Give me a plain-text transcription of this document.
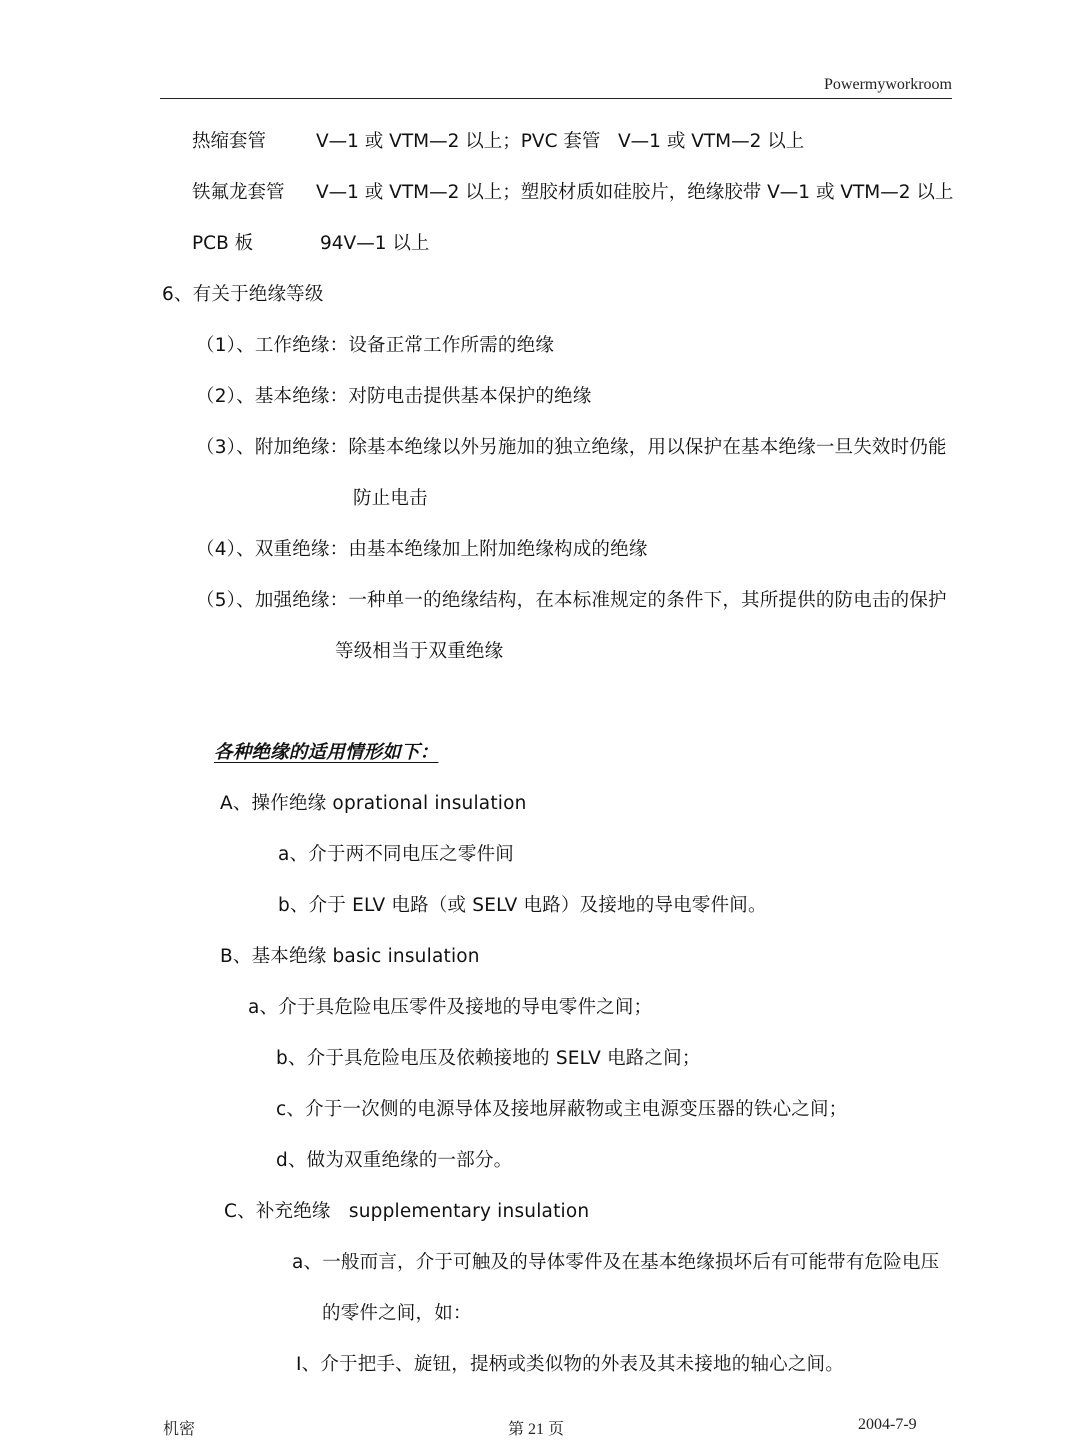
Powermyworkroom
热缩套管	V—1 或 VTM—2 以上；PVC 套管   V—1 或 VTM—2 以上
铁氟龙套管 V—1 或 VTM—2 以上；塑胶材质如硅胶片，绝缘胶带 V—1 或 VTM—2 以上
PCB 板	94V—1 以上
6、有关于绝缘等级
（1）、工作绝缘：设备正常工作所需的绝缘
（2）、基本绝缘：对防电击提供基本保护的绝缘
（3）、附加绝缘：除基本绝缘以外另施加的独立绝缘，用以保护在基本绝缘一旦失效时仍能
防止电击
（4）、双重绝缘：由基本绝缘加上附加绝缘构成的绝缘
（5）、加强绝缘：一种单一的绝缘结构，在本标准规定的条件下，其所提供的防电击的保护
等级相当于双重绝缘
各种绝缘的适用情形如下：
A、操作绝缘 oprational insulation
a、介于两不同电压之零件间
b、介于 ELV 电路（或 SELV 电路）及接地的导电零件间。
B、基本绝缘 basic insulation
a、介于具危险电压零件及接地的导电零件之间；
b、介于具危险电压及依赖接地的 SELV 电路之间；
c、介于一次侧的电源导体及接地屏蔽物或主电源变压器的铁心之间；
d、做为双重绝缘的一部分。
C、补充绝缘   supplementary insulation
a、一般而言，介于可触及的导体零件及在基本绝缘损坏后有可能带有危险电压
的零件之间，如：
Ⅰ、介于把手、旋钮，提柄或类似物的外表及其未接地的轴心之间。
机密	第 21 页	2004-7-9
